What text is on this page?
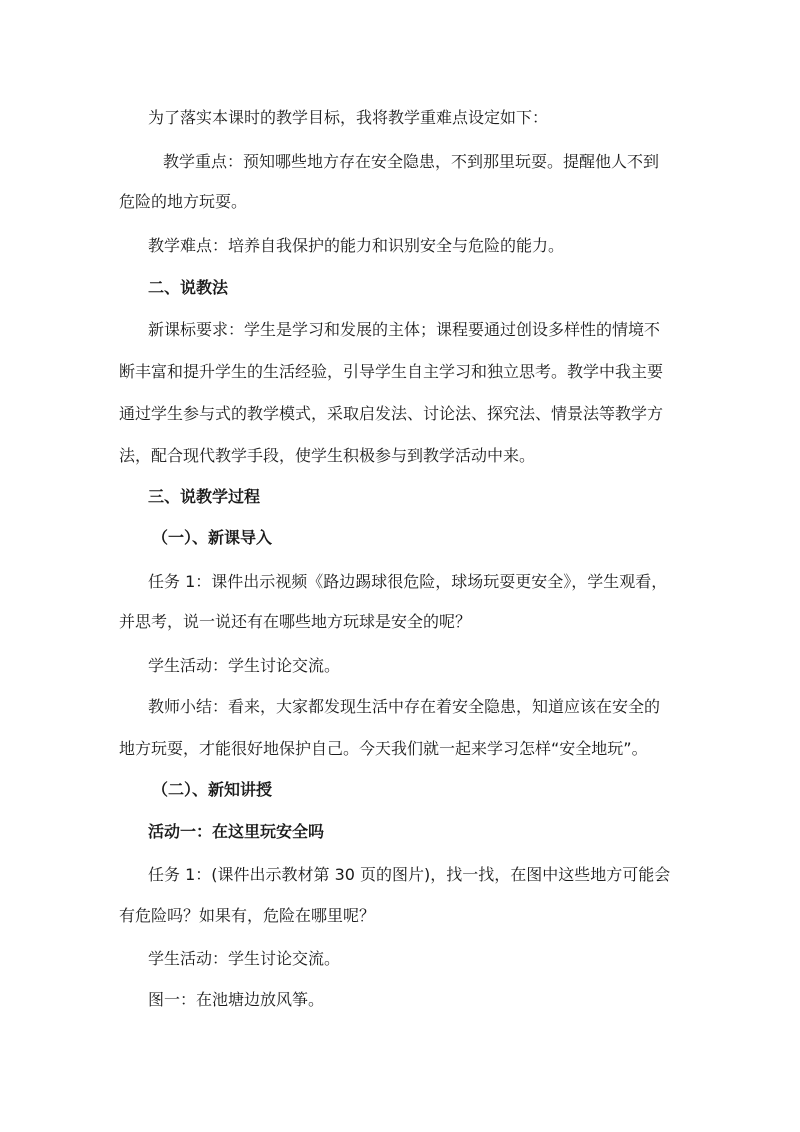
为了落实本课时的教学目标，我将教学重难点设定如下：

教学重点：预知哪些地方存在安全隐患，不到那里玩耍。提醒他人不到

危险的地方玩耍。

教学难点：培养自我保护的能力和识别安全与危险的能力。

二、说教法

新课标要求：学生是学习和发展的主体；课程要通过创设多样性的情境不

断丰富和提升学生的生活经验，引导学生自主学习和独立思考。教学中我主要

通过学生参与式的教学模式，采取启发法、讨论法、探究法、情景法等教学方

法，配合现代教学手段，使学生积极参与到教学活动中来。

三、说教学过程

（一）、新课导入

任务 1：课件出示视频《路边踢球很危险，球场玩耍更安全》，学生观看，

并思考，说一说还有在哪些地方玩球是安全的呢？

学生活动：学生讨论交流。

教师小结：看来，大家都发现生活中存在着安全隐患，知道应该在安全的

地方玩耍，才能很好地保护自己。今天我们就一起来学习怎样“安全地玩”。

（二）、新知讲授

活动一：在这里玩安全吗

任务 1：(课件出示教材第 30 页的图片)，找一找，在图中这些地方可能会

有危险吗？如果有，危险在哪里呢？

学生活动：学生讨论交流。

图一：在池塘边放风筝。
